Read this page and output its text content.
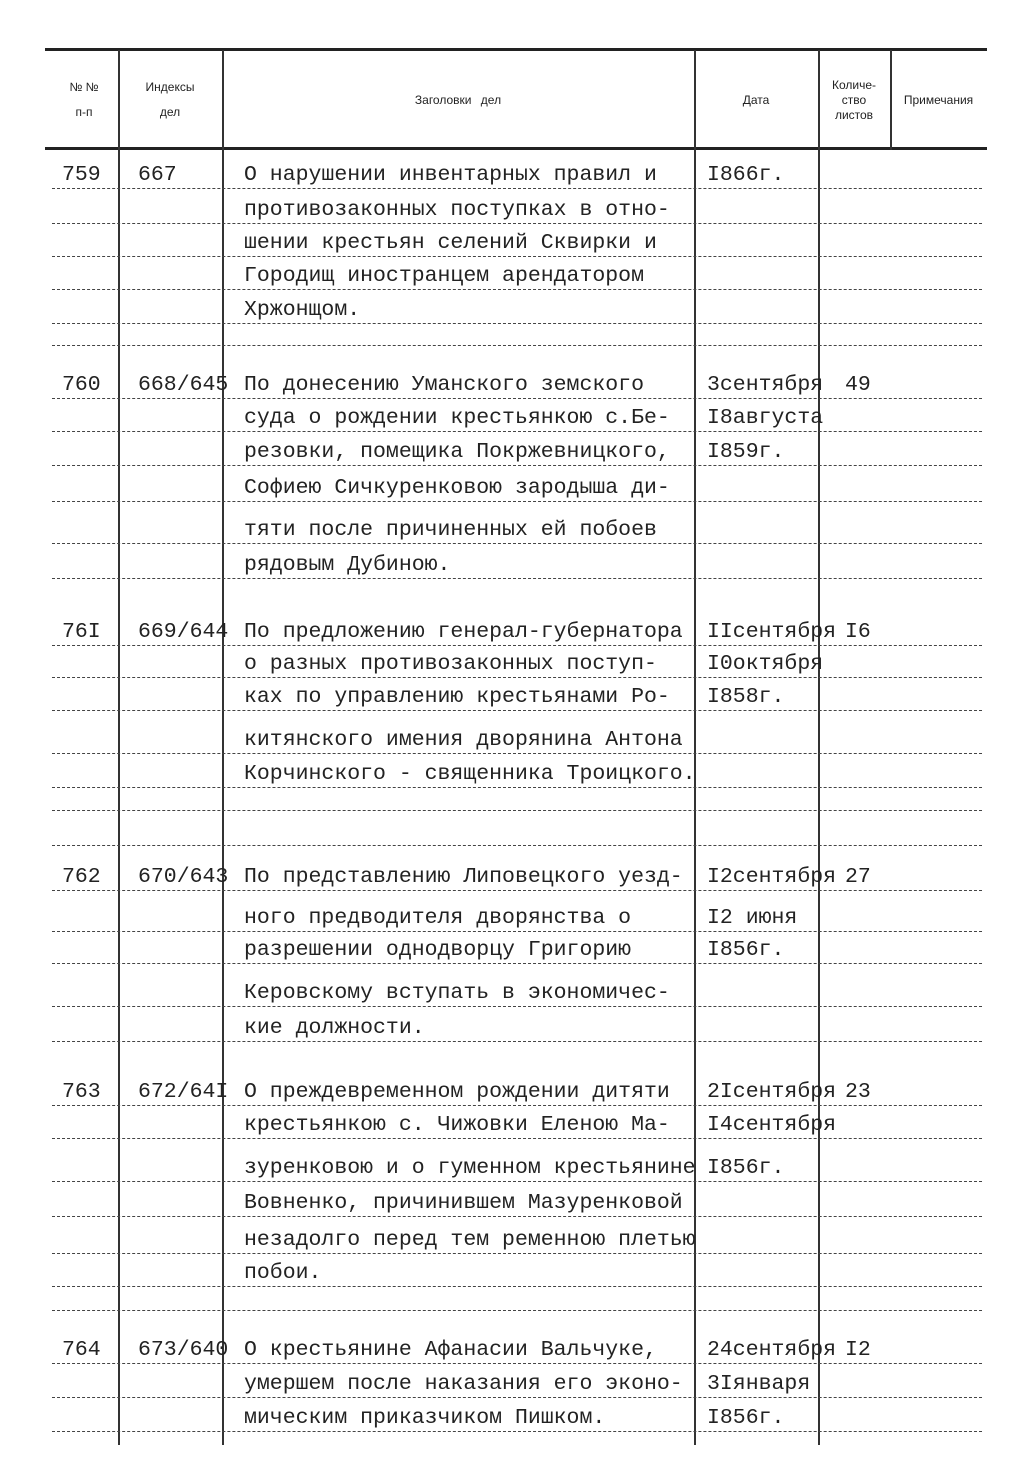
№ №
п-п
Индексы
дел
Заголовки дел	Дата
Количе-
ство
листов
Примечания
759 667	О нарушении инвентарных правил и
противозаконных поступках в отно-
шении крестьян селений Сквирки и
Городищ иностранцем арендатором
Хржонщом.
I866г.
760 668/645 По донесению Уманского земского
суда о рождении крестьянкою с.Бе-
резовки, помещика Покржевницкого,
Софиею Сичкуренковою зародыша ди-
тяти после причиненных ей побоев
рядовым Дубиною.
3сентября
I8августа
I859г.
49
76I 669/644 По предложению генерал-губернатора
о разных противозаконных поступ-
ках по управлению крестьянами Ро-
китянского имения дворянина Антона
Корчинского - священника Троицкого.
IIсентября
I0октября
I858г.
I6
762 670/643 По представлению Липовецкого уезд-
ного предводителя дворянства о
разрешении однодворцу Григорию
Керовскому вступать в экономичес-
кие должности.
I2сентября
I2 июня
I856г.
27
763 672/64I О преждевременном рождении дитяти
крестьянкою с. Чижовки Еленою Ма-
зуренковою и о гуменном крестьянине
Вовненко, причинившем Мазуренковой
незадолго перед тем ременною плетью
побои.
2Iсентября
I4сентября
I856г.
23
764 673/640 О крестьянине Афанасии Вальчуке,
умершем после наказания его эконо-
мическим приказчиком Пишком.
24сентября
3Iянваря
I856г.
I2
